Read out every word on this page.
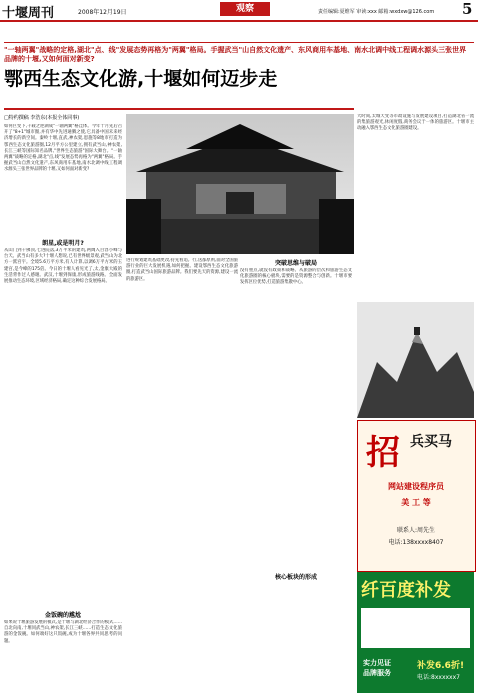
十堰周刊	2008年12月19日	观察	责任编辑:夏维军 审读:xxx 邮箱:wxdxw@126.com 5
"一轴两翼"战略的定格,湖北"点、线"发展态势再格为"两翼"格局。手握武当"山自然文化遗产、东风商用车基地、南水北调中线工程调水源头三张世界品牌的十堰,又如何面对新变?
鄂西生态文化游,十堰如何迈步走
□特约撰稿 李浩东(本报全体同事)
如何巨变下,千载之逆湖成"一轴两翼"格洼体。今年十月先后召开了"8+1"城市圈,并有华中先进通腾之使,它具备中国未来经济增长的新空间。秦岭十堰,直武,神农架,恩施等8地市打造为鄂西生态文化旅游圈,12月平方公里建立,拥有武当山,神农架,长江三峡等国际知名品牌,"世界生态旅游"国际大舞台。"一轴两翼"战略的定格,湖北"点,线"发展态势再格为"两翼"格局。手握武当山自然文化遗产,东风商用车基地,南水北调中线工程调水源头三张世界品牌的十堰,又如何面对新变?
朗星,或是明月?
从山门到千佛顶,七进院落,3万平米的建筑,两阔入目容小峰与台天。武当山有多大?十堰人想说,已有世界级景观,武当山为北方一派宫宇。全境5.6万平方米,有人计算,以调6万平方米的玉建宫,是今峰的175倍。今日的十堰人看见光了,太,金康大殿的生活背作过人感谢。武汉,十堰到保康,形成旅游线路。全面发展推动生态环境,区域经济格局,确定这种综合发展格局。
金饭碗的尴尬
如果说十堰旅游发展的模式,是十堰与湖北经济合作的模式……自北向南,十堰同武当山,神农架,长江三峡……打造生态文化旅游的金饭碗。如何端好这只饭碗,成为十堰各界共同思考的问题。
进行规划建筑基础更改,持先看追。行,送都原则,面对全国旅游行业的巨大发展机遇,如何把握。建设鄂西生态文化旅游圈,打造武当山国际旅游品牌。我们要先天的资源,建设一流的旅游区。
突破思维与破局
没有重点,就没有政策和战略。从旅游的层次和旅游生态文化旅游圈的核心板块,需要的是资源整合与创新。十堰市要发挥区位优势,打造旅游集散中心。
核心板块的形成
大时间,太城天变等市政设施与发展建设项目,打造湖北省一流的集旅游观光,休闲度假,商务会议于一体的旅游区。十堰市主动融入鄂西生态文化旅游圈建设。
招 兵买马
网站建设程序员
美 工 等
联系人:周先生
电话:138xxxx8407
纤百度补发
实力见证
品牌服务
补发6.6折!
电话:8xxxxxx7
